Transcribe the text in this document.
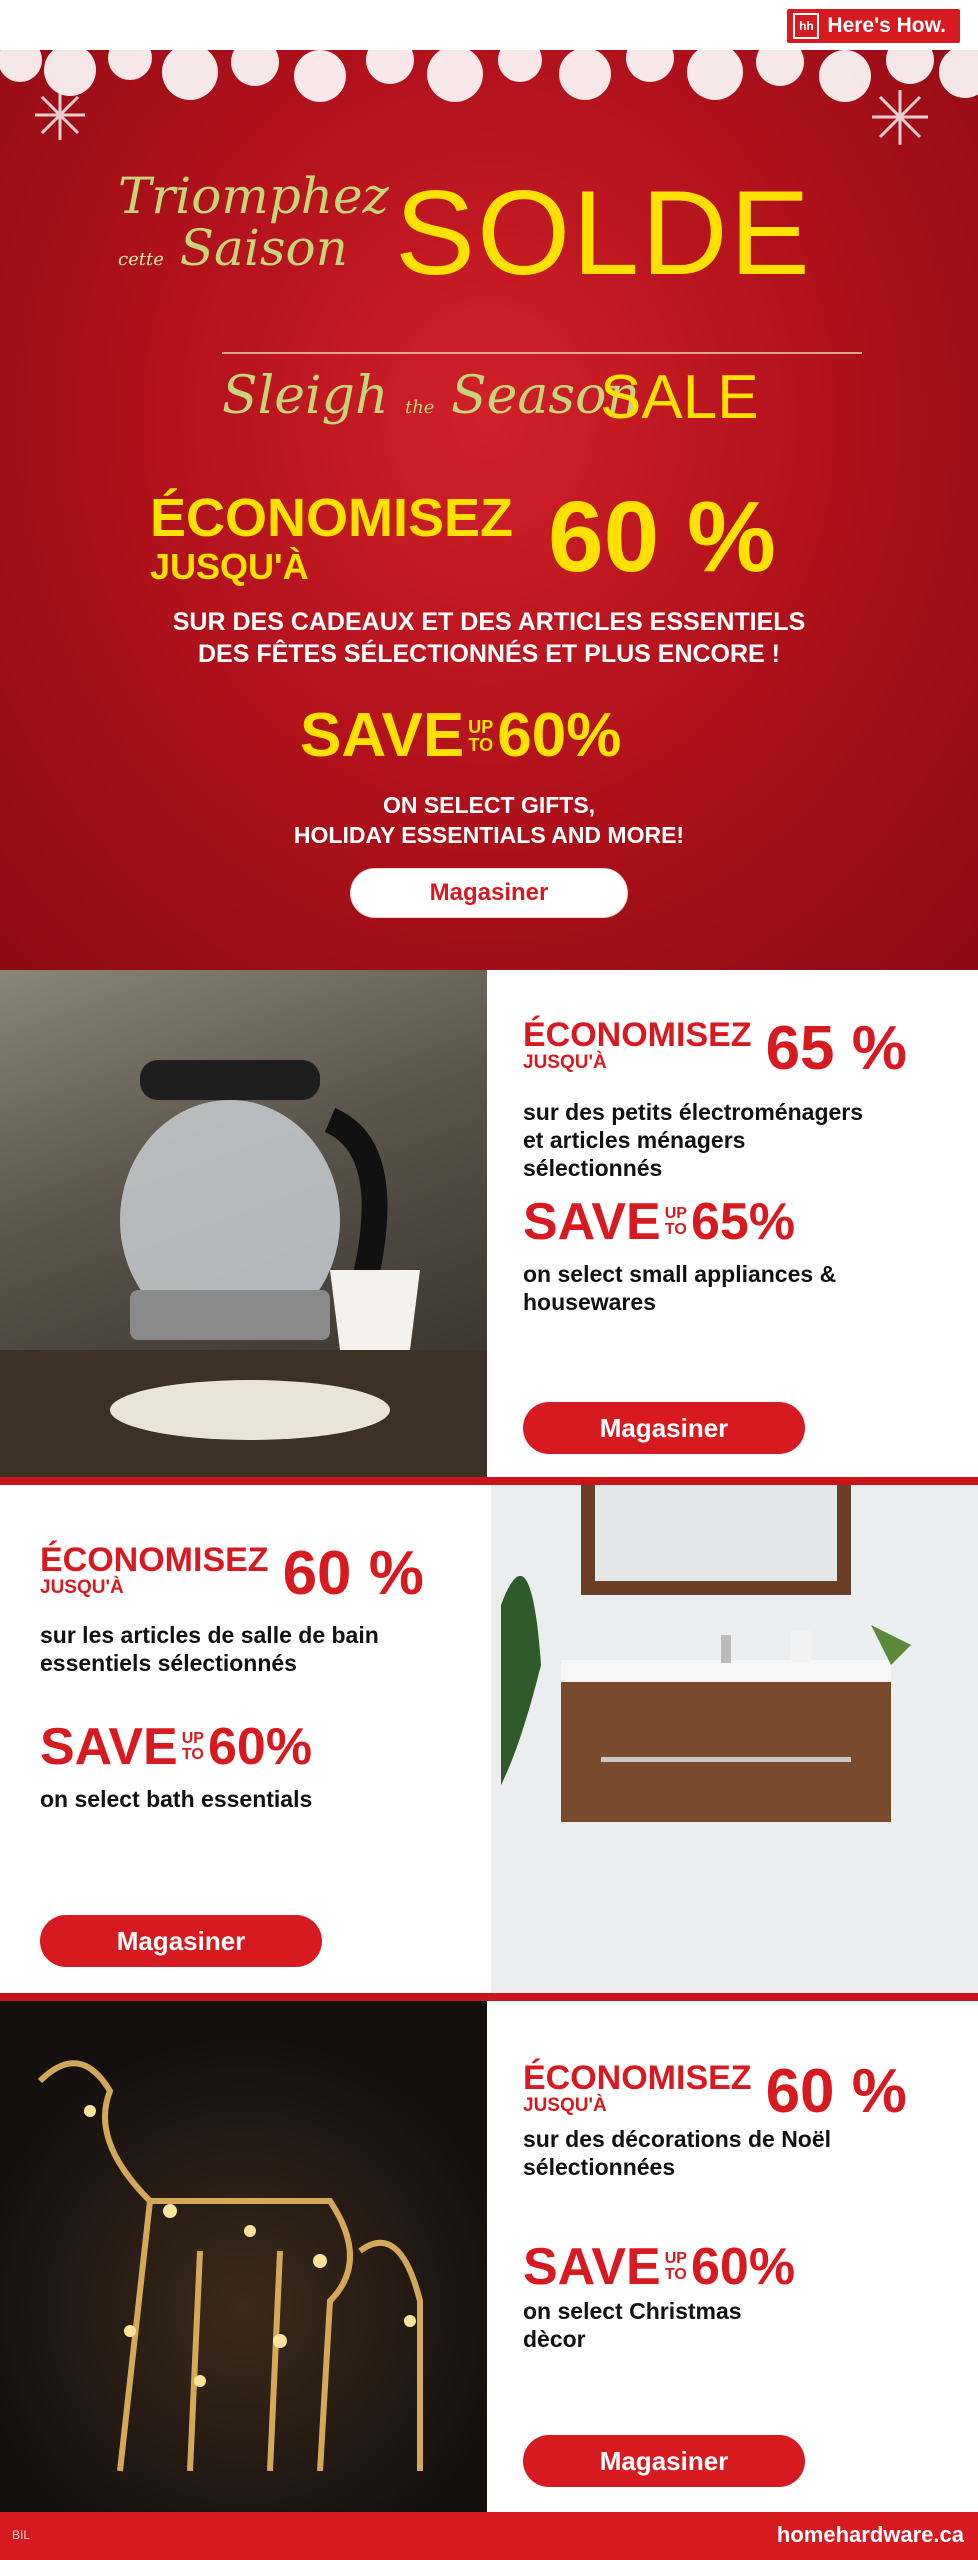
hh Here's How.
Triomphez
cette Saison SOLDE
Sleigh the Season
SALE
ÉCONOMISEZ
JUSQU'À 60 %
SUR DES CADEAUX ET DES ARTICLES ESSENTIELS
DES FÊTES SÉLECTIONNÉS ET PLUS ENCORE !
SAVE UP
TO 60%
ON SELECT GIFTS,
HOLIDAY ESSENTIALS AND MORE!
Magasiner
ÉCONOMISEZ
JUSQU'À	65 %
sur des petits électroménagers
et articles ménagers
sélectionnés
SAVE UP
TO 65%
on select small appliances &
housewares
Magasiner
ÉCONOMISEZ
JUSQU'À	60 %
sur les articles de salle de bain
essentiels sélectionnés
SAVE UP
TO 60%
on select bath essentials
Magasiner
ÉCONOMISEZ
JUSQU'À	60 %
sur des décorations de Noël
sélectionnées
SAVE UP
TO 60%
on select Christmas
dècor
Magasiner
BIL	homehardware.ca
